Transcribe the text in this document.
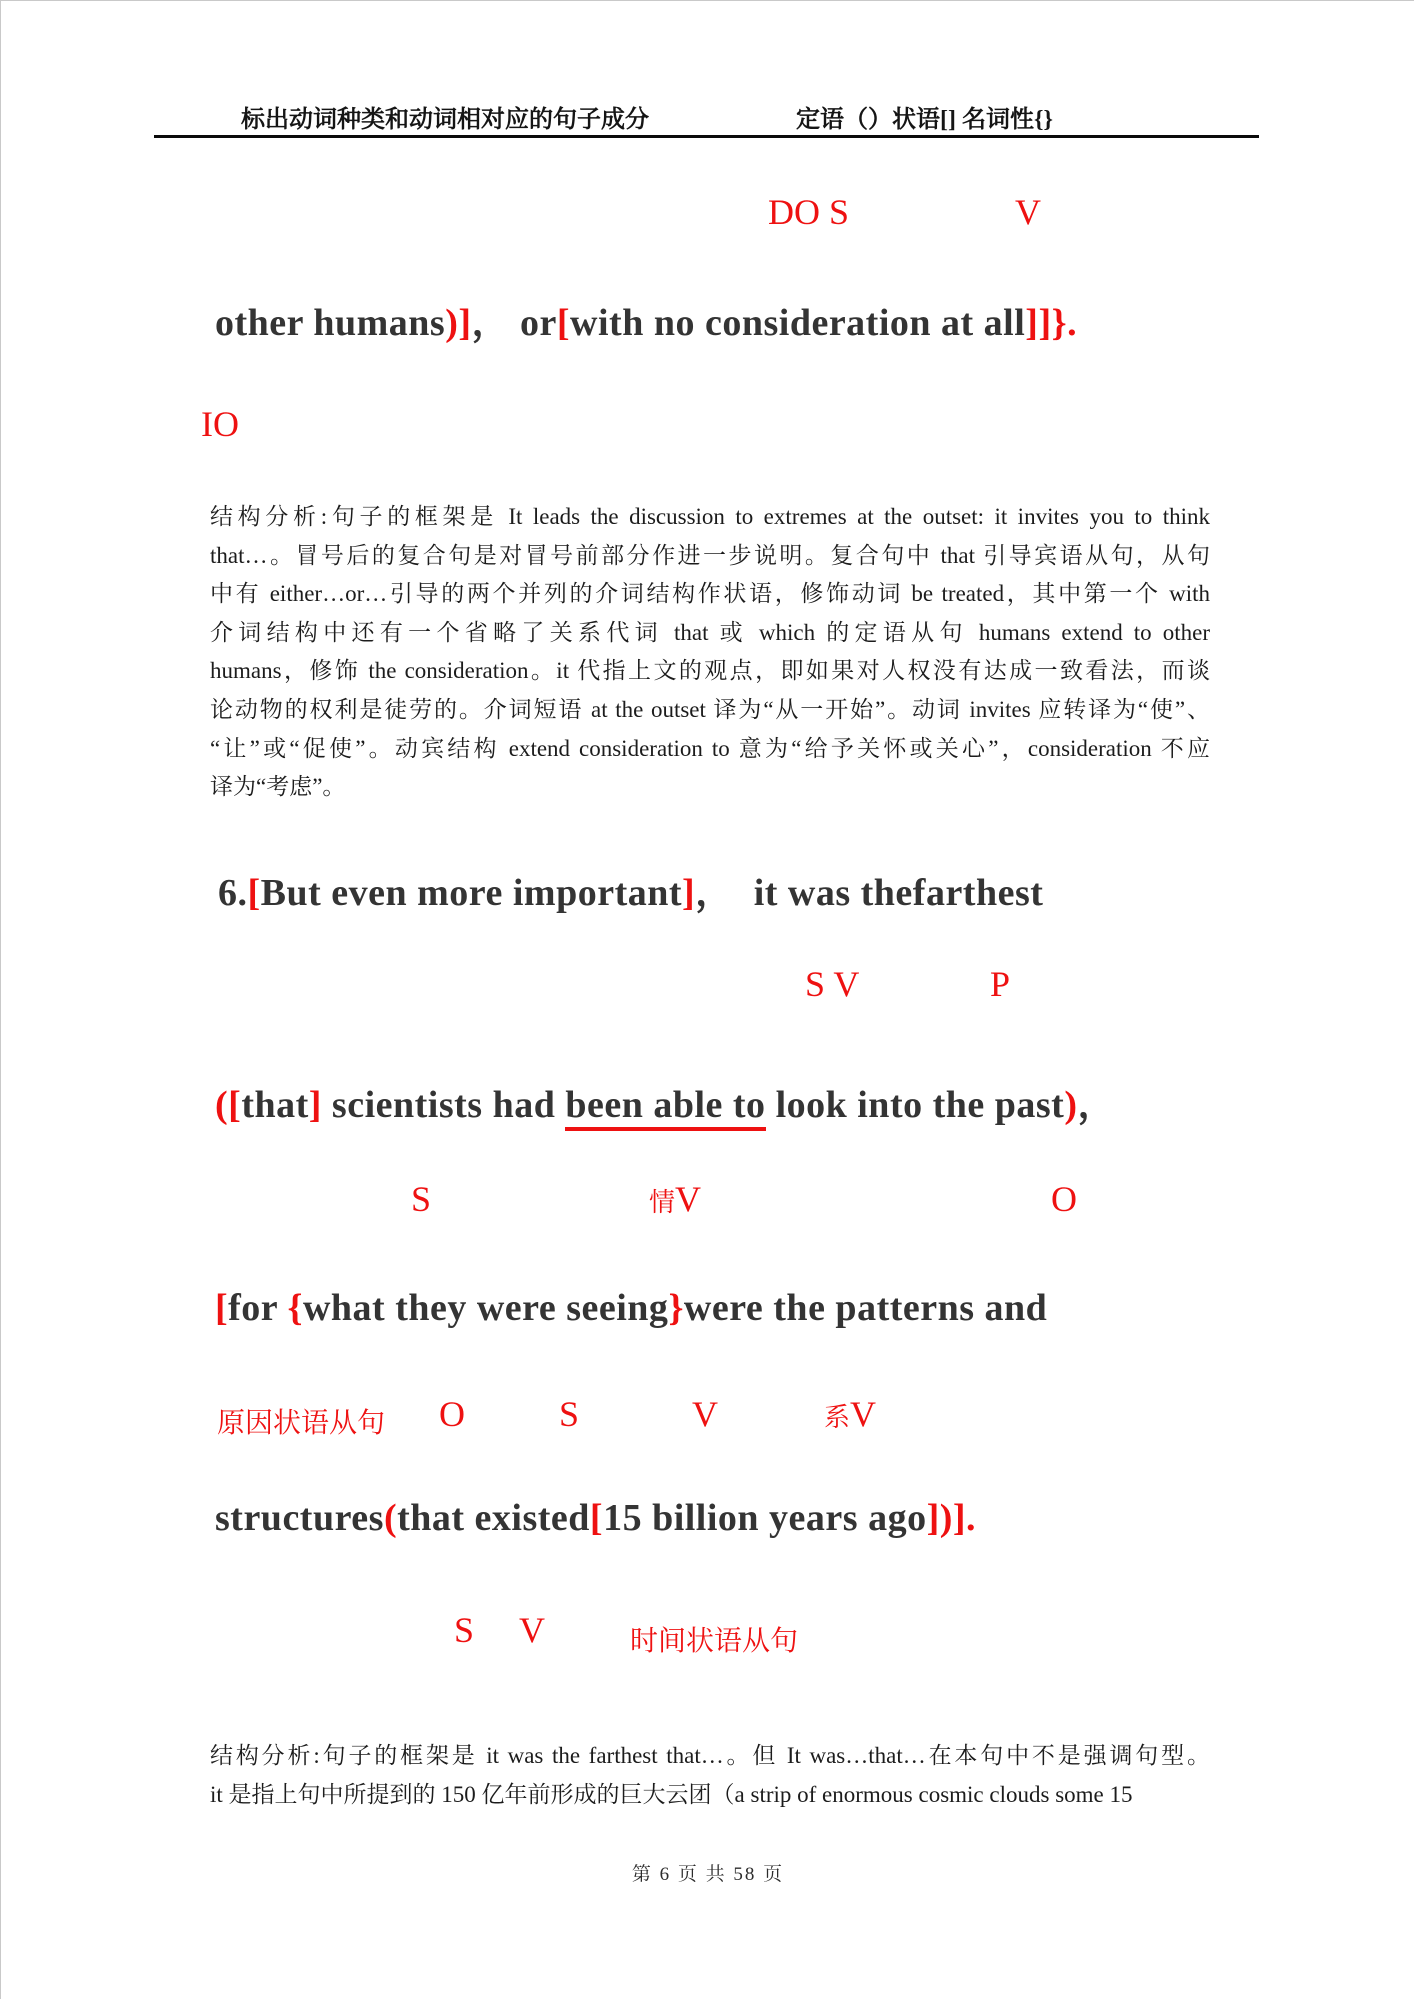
标出动词种类和动词相对应的句子成分	定语（）状语[] 名词性{}
DO S	V
other humans)]， or[with no consideration at all]]}.
IO
结构分析:句子的框架是 It leads the discussion to extremes at the outset: it invites you to think
that…。冒号后的复合句是对冒号前部分作进一步说明。复合句中 that 引导宾语从句，从句
中有 either…or…引导的两个并列的介词结构作状语，修饰动词 be treated，其中第一个 with
介词结构中还有一个省略了关系代词 that 或 which 的定语从句 humans extend to other
humans，修饰 the consideration。it 代指上文的观点，即如果对人权没有达成一致看法，而谈
论动物的权利是徒劳的。介词短语 at the outset 译为“从一开始”。动词 invites 应转译为“使”、
“让”或“促使”。动宾结构 extend consideration to 意为“给予关怀或关心”，consideration 不应
译为“考虑”。
6.[But even more important]，  it was thefarthest
S V	P
([that] scientists had been able to look into the past)，
S	情V	O
[for {what they were seeing}were the patterns and
原因状语从句 O	S	V	系V
structures(that existed[15 billion years ago])].
S V	时间状语从句
结构分析:句子的框架是 it was the farthest that…。但 It was…that…在本句中不是强调句型。
it 是指上句中所提到的 150 亿年前形成的巨大云团（a strip of enormous cosmic clouds some 15
第 6 页 共 58 页
